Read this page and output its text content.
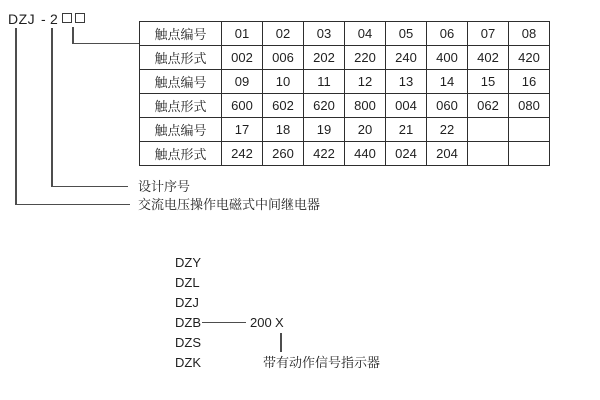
DZJ - 2
触点编号	01	02	03	04	05	06	07	08
触点形式	002	006	202	220	240	400	402	420
触点编号	09	10	11	12	13	14	15	16
触点形式	600	602	620	800	004	060	062	080
触点编号	17	18	19	20	21	22		
触点形式	242	260	422	440	024	204		
设计序号
交流电压操作电磁式中间继电器
DZY
DZL
DZJ
DZB
DZS
DZK
200 X
带有动作信号指示器
